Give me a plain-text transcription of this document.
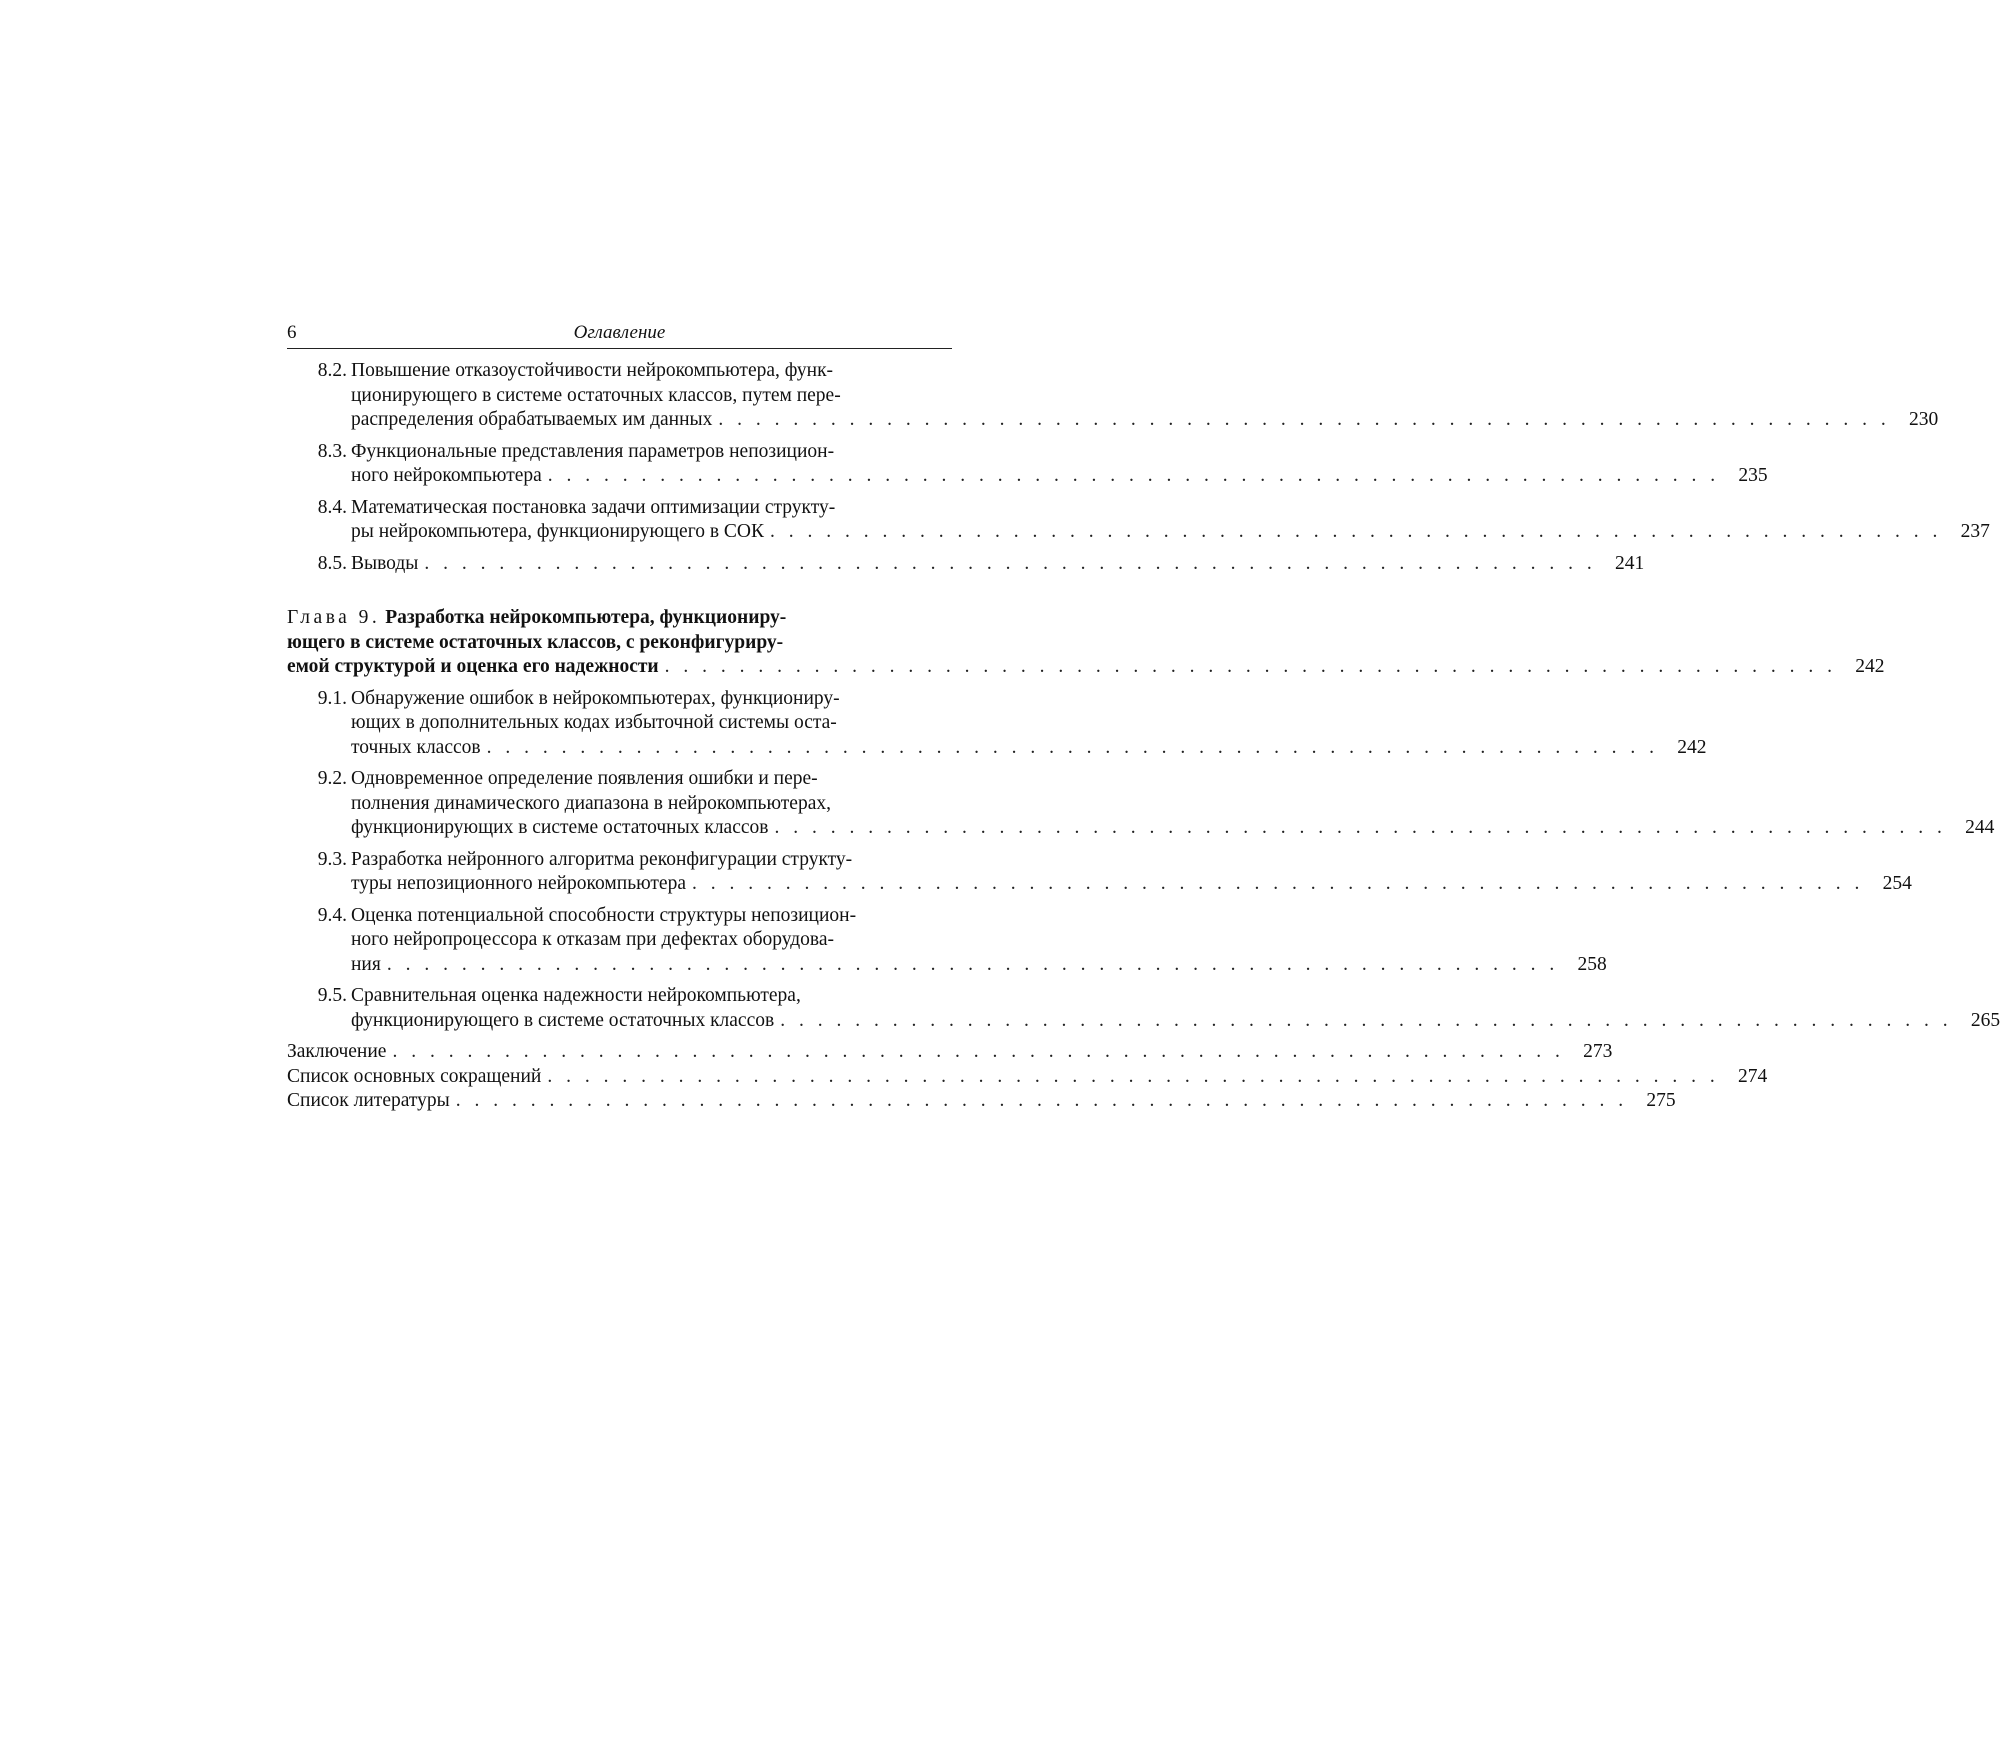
6	Оглавление
8.2. Повышение отказоустойчивости нейрокомпьютера, функ-
ционирующего в системе остаточных классов, путем пере-
распределения обрабатываемых им данных . . . . . . . . . . . . . . . . . . . . . . . . . . . . . . . . . . . . . . . . . . . . . . . . . . . . . . . . . . . . . . . 230
8.3. Функциональные представления параметров непозицион-
ного нейрокомпьютера . . . . . . . . . . . . . . . . . . . . . . . . . . . . . . . . . . . . . . . . . . . . . . . . . . . . . . . . . . . . . . . 235
8.4. Математическая постановка задачи оптимизации структу-
ры нейрокомпьютера, функционирующего в СОК . . . . . . . . . . . . . . . . . . . . . . . . . . . . . . . . . . . . . . . . . . . . . . . . . . . . . . . . . . . . . . . 237
8.5. Выводы . . . . . . . . . . . . . . . . . . . . . . . . . . . . . . . . . . . . . . . . . . . . . . . . . . . . . . . . . . . . . . . 241
Глава 9. Разработка нейрокомпьютера, функциониру-
ющего в системе остаточных классов, с реконфигуриру-
емой структурой и оценка его надежности . . . . . . . . . . . . . . . . . . . . . . . . . . . . . . . . . . . . . . . . . . . . . . . . . . . . . . . . . . . . . . . 242
9.1. Обнаружение ошибок в нейрокомпьютерах, функциониру-
ющих в дополнительных кодах избыточной системы оста-
точных классов . . . . . . . . . . . . . . . . . . . . . . . . . . . . . . . . . . . . . . . . . . . . . . . . . . . . . . . . . . . . . . . 242
9.2. Одновременное определение появления ошибки и пере-
полнения динамического диапазона в нейрокомпьютерах,
функционирующих в системе остаточных классов . . . . . . . . . . . . . . . . . . . . . . . . . . . . . . . . . . . . . . . . . . . . . . . . . . . . . . . . . . . . . . . 244
9.3. Разработка нейронного алгоритма реконфигурации структу-
туры непозиционного нейрокомпьютера . . . . . . . . . . . . . . . . . . . . . . . . . . . . . . . . . . . . . . . . . . . . . . . . . . . . . . . . . . . . . . . 254
9.4. Оценка потенциальной способности структуры непозицион-
ного нейропроцессора к отказам при дефектах оборудова-
ния . . . . . . . . . . . . . . . . . . . . . . . . . . . . . . . . . . . . . . . . . . . . . . . . . . . . . . . . . . . . . . . 258
9.5. Сравнительная оценка надежности нейрокомпьютера,
функционирующего в системе остаточных классов . . . . . . . . . . . . . . . . . . . . . . . . . . . . . . . . . . . . . . . . . . . . . . . . . . . . . . . . . . . . . . . 265
Заключение . . . . . . . . . . . . . . . . . . . . . . . . . . . . . . . . . . . . . . . . . . . . . . . . . . . . . . . . . . . . . . . 273
Список основных сокращений . . . . . . . . . . . . . . . . . . . . . . . . . . . . . . . . . . . . . . . . . . . . . . . . . . . . . . . . . . . . . . . 274
Список литературы . . . . . . . . . . . . . . . . . . . . . . . . . . . . . . . . . . . . . . . . . . . . . . . . . . . . . . . . . . . . . . . 275
